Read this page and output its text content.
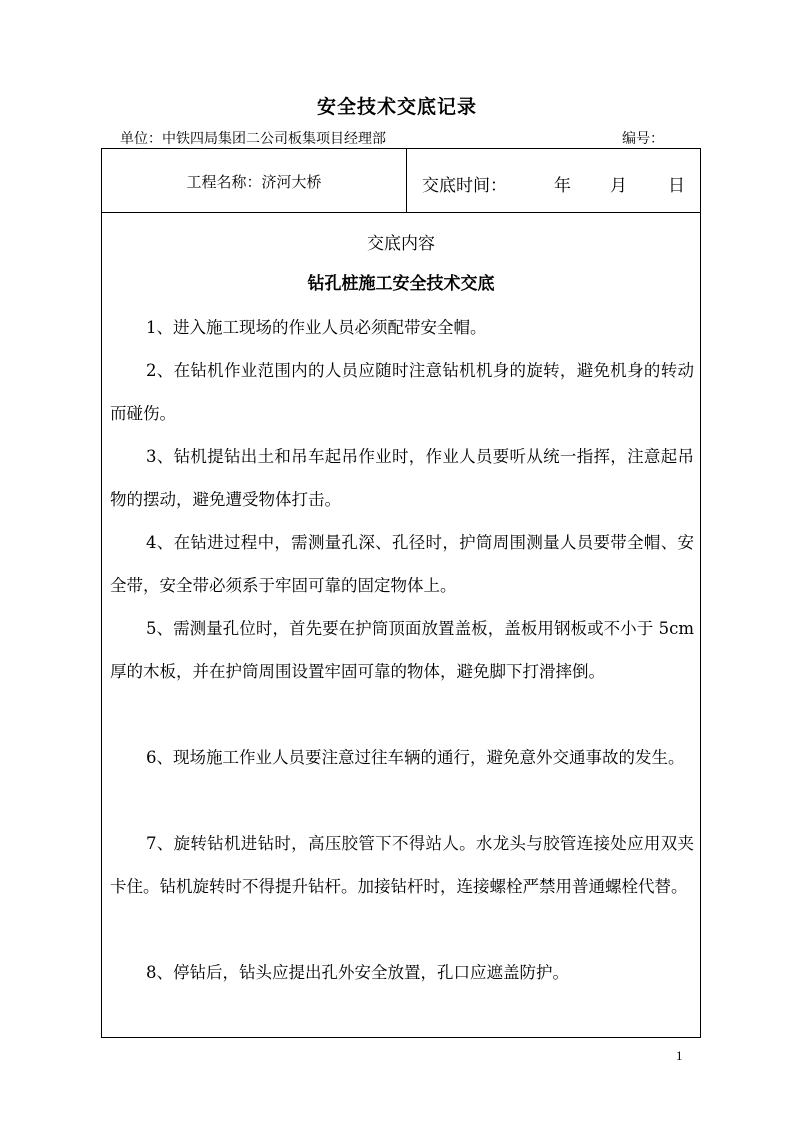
安全技术交底记录
单位：中铁四局集团二公司板集项目经理部	编号：
工程名称：济河大桥	交底时间：	年 月 日
交底内容
钻孔桩施工安全技术交底
1、进入施工现场的作业人员必须配带安全帽。
2、在钻机作业范围内的人员应随时注意钻机机身的旋转，避免机身的转动而碰伤。
3、钻机提钻出土和吊车起吊作业时，作业人员要听从统一指挥，注意起吊物的摆动，避免遭受物体打击。
4、在钻进过程中，需测量孔深、孔径时，护筒周围测量人员要带全帽、安全带，安全带必须系于牢固可靠的固定物体上。
5、需测量孔位时，首先要在护筒顶面放置盖板，盖板用钢板或不小于 5cm厚的木板，并在护筒周围设置牢固可靠的物体，避免脚下打滑摔倒。
6、现场施工作业人员要注意过往车辆的通行，避免意外交通事故的发生。
7、旋转钻机进钻时，高压胶管下不得站人。水龙头与胶管连接处应用双夹卡住。钻机旋转时不得提升钻杆。加接钻杆时，连接螺栓严禁用普通螺栓代替。
8、停钻后，钻头应提出孔外安全放置，孔口应遮盖防护。
1
